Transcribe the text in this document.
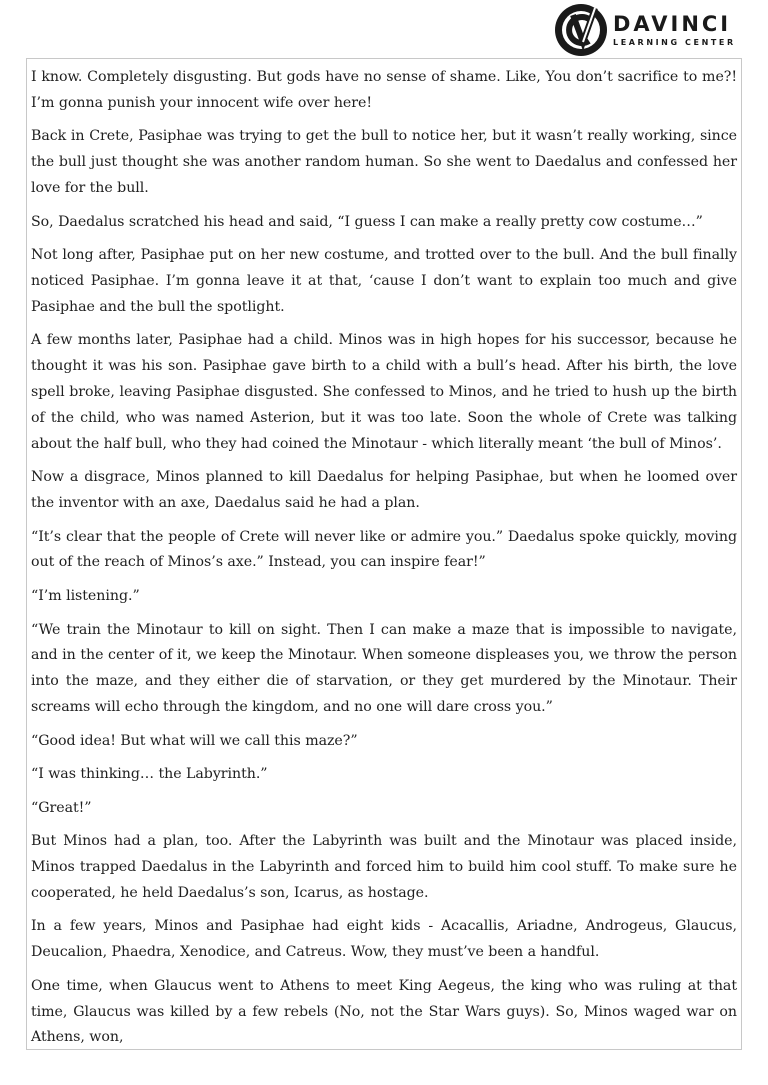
DAVINCI
LEARNING CENTER

I know. Completely disgusting. But gods have no sense of shame. Like, You don’t sacrifice to me?! I’m gonna punish your innocent wife over here!

Back in Crete, Pasiphae was trying to get the bull to notice her, but it wasn’t really working, since the bull just thought she was another random human. So she went to Daedalus and confessed her love for the bull.

So, Daedalus scratched his head and said, “I guess I can make a really pretty cow costume…”

Not long after, Pasiphae put on her new costume, and trotted over to the bull. And the bull finally noticed Pasiphae. I’m gonna leave it at that, ‘cause I don’t want to explain too much and give Pasiphae and the bull the spotlight.

A few months later, Pasiphae had a child. Minos was in high hopes for his successor, because he thought it was his son. Pasiphae gave birth to a child with a bull’s head. After his birth, the love spell broke, leaving Pasiphae disgusted. She confessed to Minos, and he tried to hush up the birth of the child, who was named Asterion, but it was too late. Soon the whole of Crete was talking about the half bull, who they had coined the Minotaur - which literally meant ‘the bull of Minos’.

Now a disgrace, Minos planned to kill Daedalus for helping Pasiphae, but when he loomed over the inventor with an axe, Daedalus said he had a plan.

“It’s clear that the people of Crete will never like or admire you.” Daedalus spoke quickly, moving out of the reach of Minos’s axe.” Instead, you can inspire fear!”

“I’m listening.”

“We train the Minotaur to kill on sight. Then I can make a maze that is impossible to navigate, and in the center of it, we keep the Minotaur. When someone displeases you, we throw the person into the maze, and they either die of starvation, or they get murdered by the Minotaur. Their screams will echo through the kingdom, and no one will dare cross you.”

“Good idea! But what will we call this maze?”

“I was thinking… the Labyrinth.”

“Great!”

But Minos had a plan, too. After the Labyrinth was built and the Minotaur was placed inside, Minos trapped Daedalus in the Labyrinth and forced him to build him cool stuff. To make sure he cooperated, he held Daedalus’s son, Icarus, as hostage.

In a few years, Minos and Pasiphae had eight kids - Acacallis, Ariadne, Androgeus, Glaucus, Deucalion, Phaedra, Xenodice, and Catreus. Wow, they must’ve been a handful.

One time, when Glaucus went to Athens to meet King Aegeus, the king who was ruling at that time, Glaucus was killed by a few rebels (No, not the Star Wars guys). So, Minos waged war on Athens, won,
